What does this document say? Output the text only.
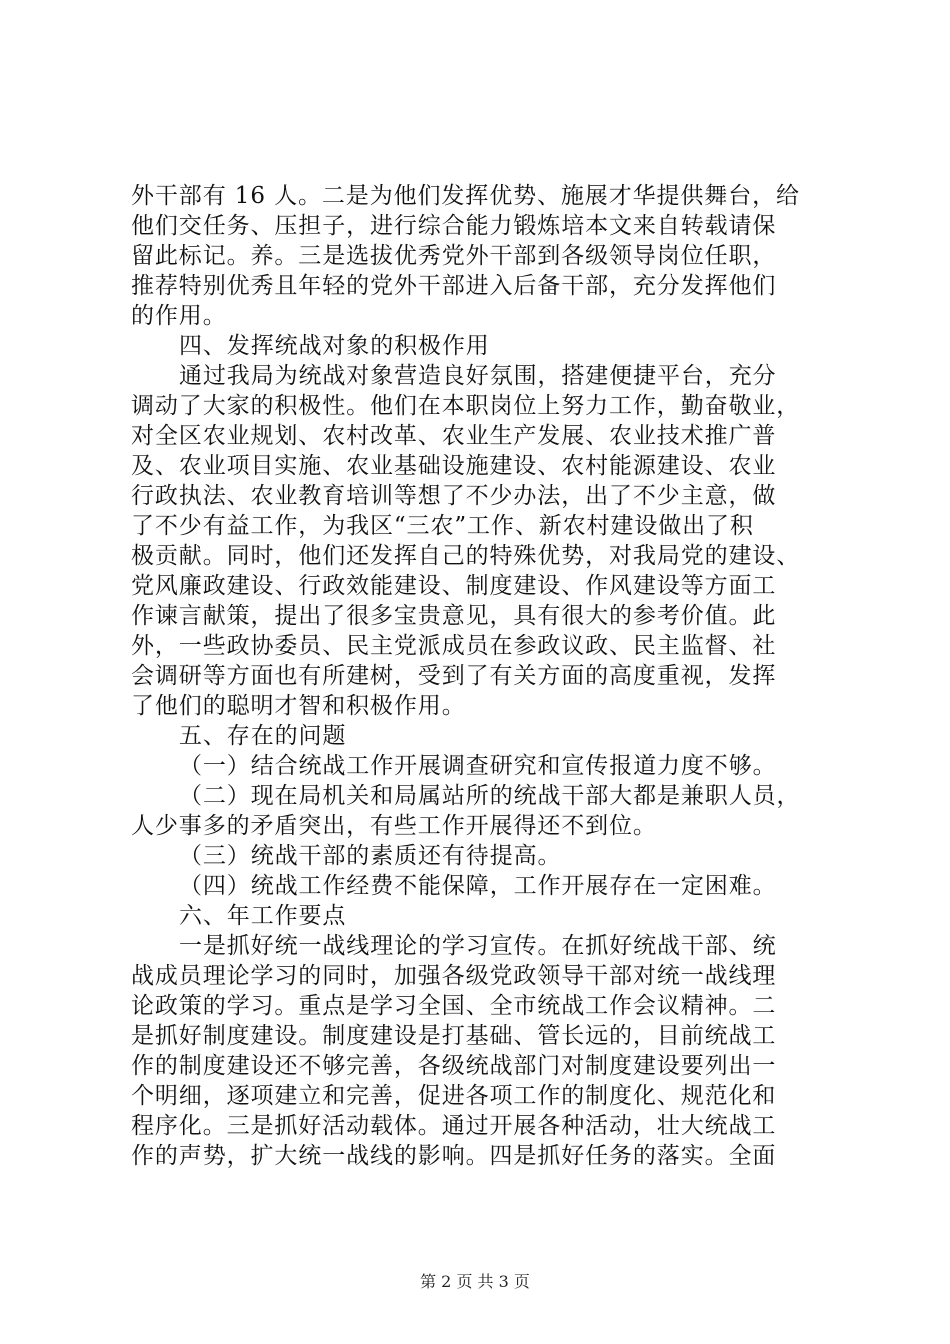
外干部有 16 人。二是为他们发挥优势、施展才华提供舞台，给
他们交任务、压担子，进行综合能力锻炼培本文来自转载请保
留此标记。养。三是选拔优秀党外干部到各级领导岗位任职，
推荐特别优秀且年轻的党外干部进入后备干部，充分发挥他们
的作用。
四、发挥统战对象的积极作用
通过我局为统战对象营造良好氛围，搭建便捷平台，充分
调动了大家的积极性。他们在本职岗位上努力工作，勤奋敬业，
对全区农业规划、农村改革、农业生产发展、农业技术推广普
及、农业项目实施、农业基础设施建设、农村能源建设、农业
行政执法、农业教育培训等想了不少办法，出了不少主意，做
了不少有益工作，为我区“三农”工作、新农村建设做出了积
极贡献。同时，他们还发挥自己的特殊优势，对我局党的建设、
党风廉政建设、行政效能建设、制度建设、作风建设等方面工
作谏言献策，提出了很多宝贵意见，具有很大的参考价值。此
外，一些政协委员、民主党派成员在参政议政、民主监督、社
会调研等方面也有所建树，受到了有关方面的高度重视，发挥
了他们的聪明才智和积极作用。
五、存在的问题
（一）结合统战工作开展调查研究和宣传报道力度不够。
（二）现在局机关和局属站所的统战干部大都是兼职人员，
人少事多的矛盾突出，有些工作开展得还不到位。
（三）统战干部的素质还有待提高。
（四）统战工作经费不能保障，工作开展存在一定困难。
六、年工作要点
一是抓好统一战线理论的学习宣传。在抓好统战干部、统
战成员理论学习的同时，加强各级党政领导干部对统一战线理
论政策的学习。重点是学习全国、全市统战工作会议精神。二
是抓好制度建设。制度建设是打基础、管长远的，目前统战工
作的制度建设还不够完善，各级统战部门对制度建设要列出一
个明细，逐项建立和完善，促进各项工作的制度化、规范化和
程序化。三是抓好活动载体。通过开展各种活动，壮大统战工
作的声势，扩大统一战线的影响。四是抓好任务的落实。全面
第 2 页 共 3 页
